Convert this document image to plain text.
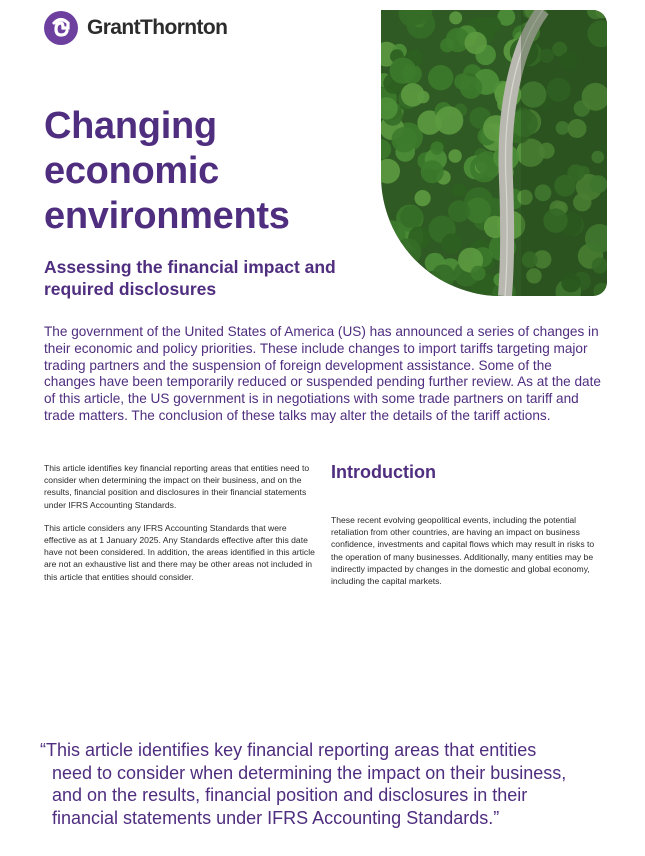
GrantThornton
Changing
economic
environments
Assessing the financial impact and required disclosures

The government of the United States of America (US) has announced a series of changes in their economic and policy priorities. These include changes to import tariffs targeting major trading partners and the suspension of foreign development assistance. Some of the changes have been temporarily reduced or suspended pending further review. As at the date of this article, the US government is in negotiations with some trade partners on tariff and trade matters. The conclusion of these talks may alter the details of the tariff actions.

This article identifies key financial reporting areas that entities need to consider when determining the impact on their business, and on the results, financial position and disclosures in their financial statements under IFRS Accounting Standards.

This article considers any IFRS Accounting Standards that were effective as at 1 January 2025. Any Standards effective after this date have not been considered. In addition, the areas identified in this article are not an exhaustive list and there may be other areas not included in this article that entities should consider.

Introduction

These recent evolving geopolitical events, including the potential retaliation from other countries, are having an impact on business confidence, investments and capital flows which may result in risks to the operation of many businesses. Additionally, many entities may be indirectly impacted by changes in the domestic and global economy, including the capital markets.

“This article identifies key financial reporting areas that entities need to consider when determining the impact on their business, and on the results, financial position and disclosures in their financial statements under IFRS Accounting Standards.”
